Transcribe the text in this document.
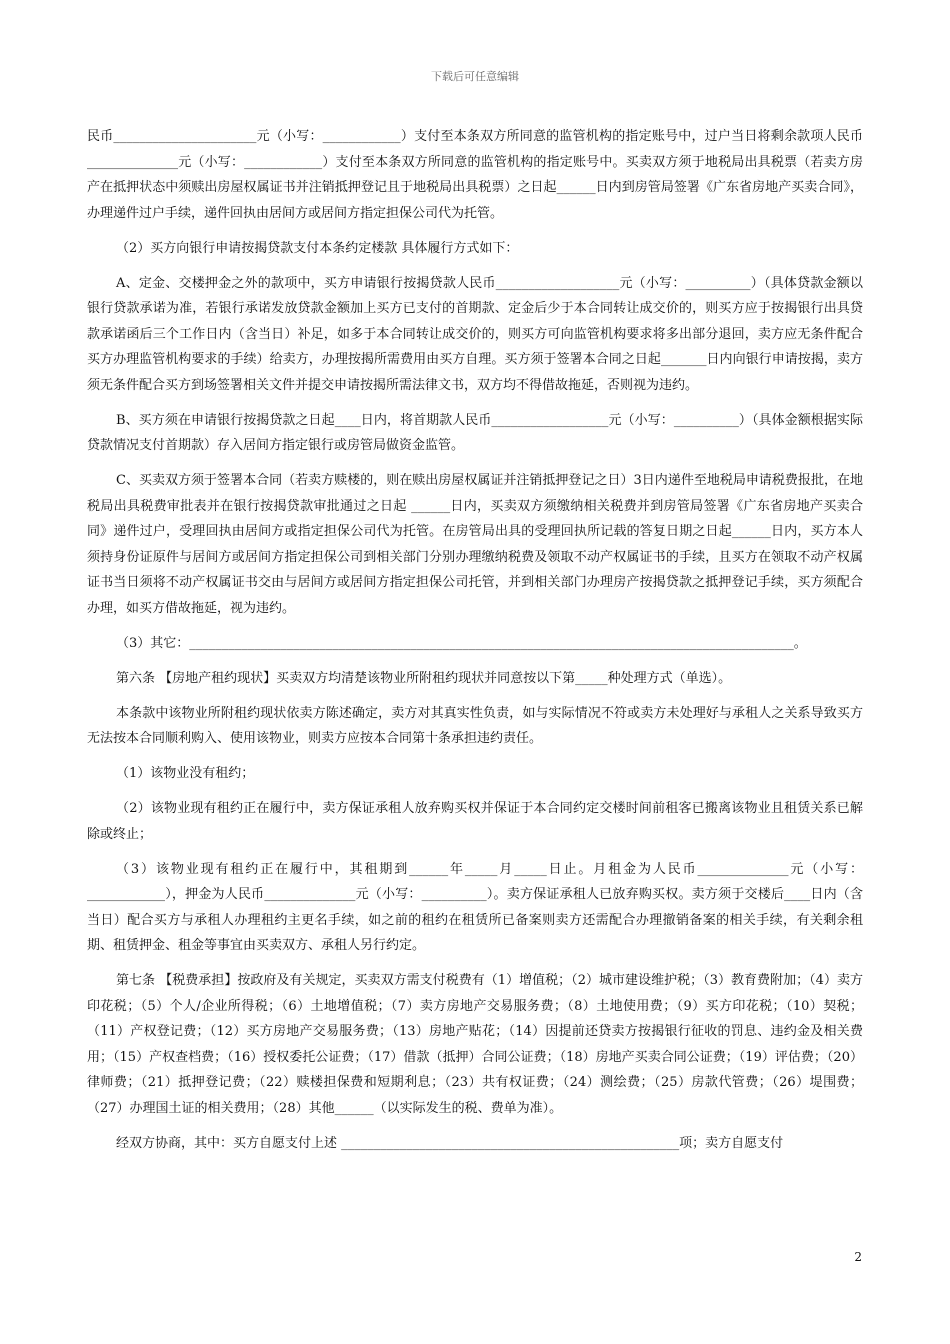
下载后可任意编辑

民币______________________元（小写：____________）支付至本条双方所同意的监管机构的指定账号中，过户当日将剩余款项人民币______________元（小写：____________）支付至本条双方所同意的监管机构的指定账号中。买卖双方须于地税局出具税票（若卖方房产在抵押状态中须赎出房屋权属证书并注销抵押登记且于地税局出具税票）之日起______日内到房管局签署《广东省房地产买卖合同》，办理递件过户手续，递件回执由居间方或居间方指定担保公司代为托管。

（2）买方向银行申请按揭贷款支付本条约定楼款 具体履行方式如下：

A、定金、交楼押金之外的款项中，买方申请银行按揭贷款人民币___________________元（小写：__________）（具体贷款金额以银行贷款承诺为准，若银行承诺发放贷款金额加上买方已支付的首期款、定金后少于本合同转让成交价的，则买方应于按揭银行出具贷款承诺函后三个工作日内（含当日）补足，如多于本合同转让成交价的，则买方可向监管机构要求将多出部分退回，卖方应无条件配合买方办理监管机构要求的手续）给卖方，办理按揭所需费用由买方自理。买方须于签署本合同之日起_______日内向银行申请按揭，卖方须无条件配合买方到场签署相关文件并提交申请按揭所需法律文书，双方均不得借故拖延，否则视为违约。

B、买方须在申请银行按揭贷款之日起____日内，将首期款人民币__________________元（小写：__________）（具体金额根据实际贷款情况支付首期款）存入居间方指定银行或房管局做资金监管。

C、买卖双方须于签署本合同（若卖方赎楼的，则在赎出房屋权属证并注销抵押登记之日）3日内递件至地税局申请税费报批，在地税局出具税费审批表并在银行按揭贷款审批通过之日起 ______日内，买卖双方须缴纳相关税费并到房管局签署《广东省房地产买卖合同》递件过户，受理回执由居间方或指定担保公司代为托管。在房管局出具的受理回执所记载的答复日期之日起______日内，买方本人须持身份证原件与居间方或居间方指定担保公司到相关部门分别办理缴纳税费及领取不动产权属证书的手续，且买方在领取不动产权属证书当日须将不动产权属证书交由与居间方或居间方指定担保公司托管，并到相关部门办理房产按揭贷款之抵押登记手续，买方须配合办理，如买方借故拖延，视为违约。

（3）其它：_____________________________________________________________________________________________。

第六条 【房地产租约现状】买卖双方均清楚该物业所附租约现状并同意按以下第_____种处理方式（单选）。

本条款中该物业所附租约现状依卖方陈述确定，卖方对其真实性负责，如与实际情况不符或卖方未处理好与承租人之关系导致买方无法按本合同顺利购入、使用该物业，则卖方应按本合同第十条承担违约责任。

（1）该物业没有租约；

（2）该物业现有租约正在履行中，卖方保证承租人放弃购买权并保证于本合同约定交楼时间前租客已搬离该物业且租赁关系已解除或终止；

（3）该物业现有租约正在履行中，其租期到______年_____月_____日止。月租金为人民币______________元（小写：____________），押金为人民币______________元（小写：__________）。卖方保证承租人已放弃购买权。卖方须于交楼后____日内（含当日）配合买方与承租人办理租约主更名手续，如之前的租约在租赁所已备案则卖方还需配合办理撤销备案的相关手续，有关剩余租期、租赁押金、租金等事宜由买卖双方、承租人另行约定。

第七条 【税费承担】按政府及有关规定，买卖双方需支付税费有（1）增值税；（2）城市建设维护税；（3）教育费附加；（4）卖方印花税；（5）个人/企业所得税；（6）土地增值税；（7）卖方房地产交易服务费；（8）土地使用费；（9）买方印花税；（10）契税；（11）产权登记费；（12）买方房地产交易服务费；（13）房地产贴花；（14）因提前还贷卖方按揭银行征收的罚息、违约金及相关费用；（15）产权查档费；（16）授权委托公证费；（17）借款（抵押）合同公证费；（18）房地产买卖合同公证费；（19）评估费；（20）律师费；（21）抵押登记费；（22）赎楼担保费和短期利息；（23）共有权证费；（24）测绘费；（25）房款代管费；（26）堤围费；（27）办理国土证的相关费用；（28）其他______（以实际发生的税、费单为准）。

经双方协商，其中：买方自愿支付上述 ____________________________________________________项；卖方自愿支付

2
